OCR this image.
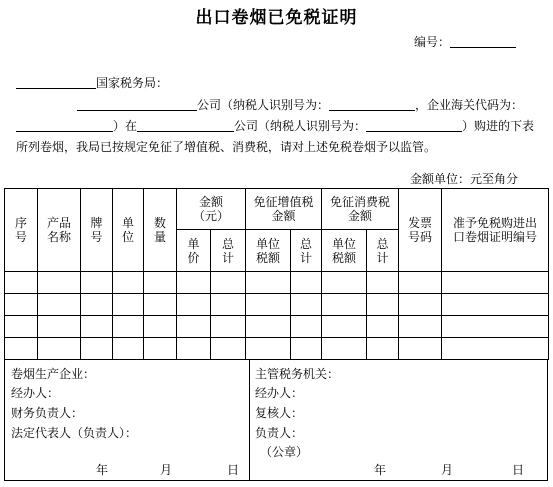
出口卷烟已免税证明
编号：
国家税务局：
公司（纳税人识别号为：	，企业海关代码为：
）在	公司（纳税人识别号为：	）购进的下表
所列卷烟，我局已按规定免征了增值税、消费税，请对上述免税卷烟予以监管。
金额单位：元至角分
序号	产品名称	牌号	单位	数量	金额（元）		免征增值税金额		免征消费税金额		发票号码	准予免税购进出口卷烟证明编号
					单价	总计	单位税额	总计	单位税额	总计		

卷烟生产企业：
经办人：
财务负责人：
法定代表人（负责人）：
年	月	日
主管税务机关：
经办人：
复核人：
负责人：
（公章）
年	月	日
